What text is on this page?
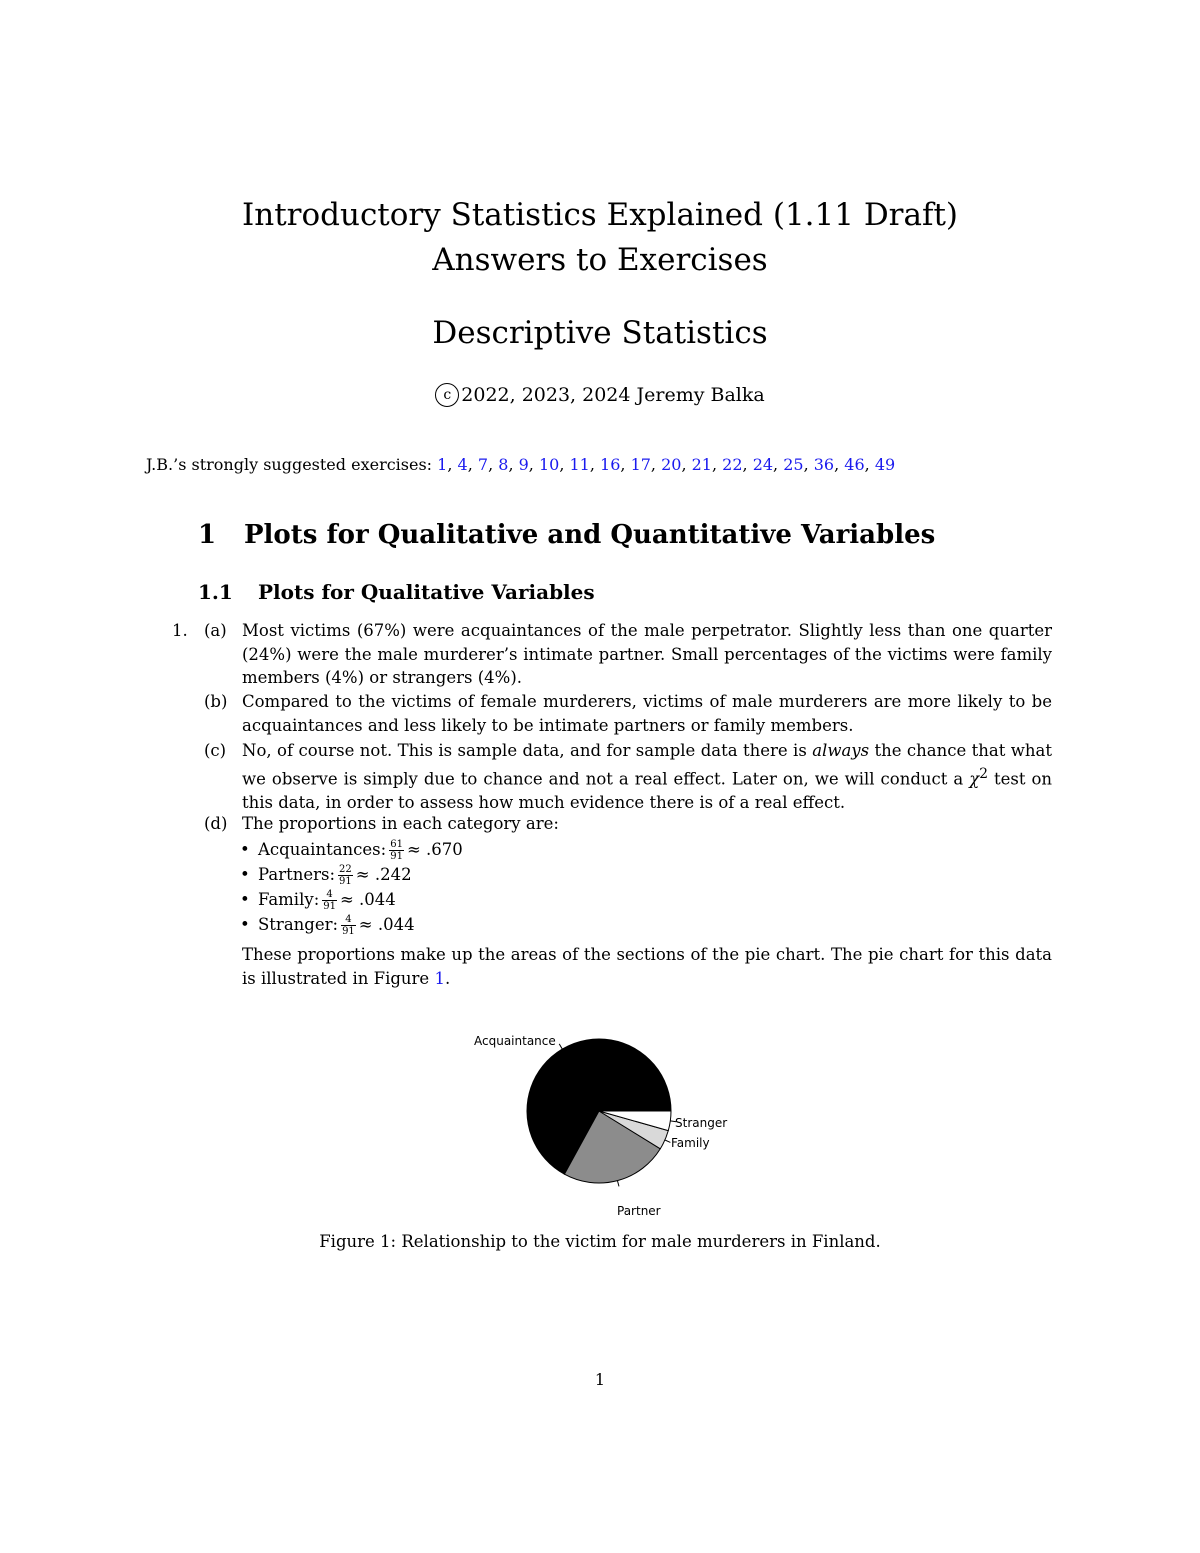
Introductory Statistics Explained (1.11 Draft)
Answers to Exercises
Descriptive Statistics
c 2022, 2023, 2024 Jeremy Balka
J.B.’s strongly suggested exercises: 1, 4, 7, 8, 9, 10, 11, 16, 17, 20, 21, 22, 24, 25, 36, 46, 49
1 Plots for Qualitative and Quantitative Variables
1.1 Plots for Qualitative Variables
1. (a) Most victims (67%) were acquaintances of the male perpetrator. Slightly less than one quarter (24%) were the male murderer’s intimate partner. Small percentages of the victims were family members (4%) or strangers (4%).
(b) Compared to the victims of female murderers, victims of male murderers are more likely to be acquaintances and less likely to be intimate partners or family members.
(c) No, of course not. This is sample data, and for sample data there is always the chance that what we observe is simply due to chance and not a real effect. Later on, we will conduct a $\chi^2$ test on this data, in order to assess how much evidence there is of a real effect.
(d) The proportions in each category are:
• Acquaintances: $\frac{61}{91} \approx .670$
• Partners: $\frac{22}{91} \approx .242$
• Family: $\frac{4}{91} \approx .044$
• Stranger: $\frac{4}{91} \approx .044$
These proportions make up the areas of the sections of the pie chart. The pie chart for this data is illustrated in Figure 1.
Acquaintance
Partner
Family
Stranger
Figure 1: Relationship to the victim for male murderers in Finland.
1
